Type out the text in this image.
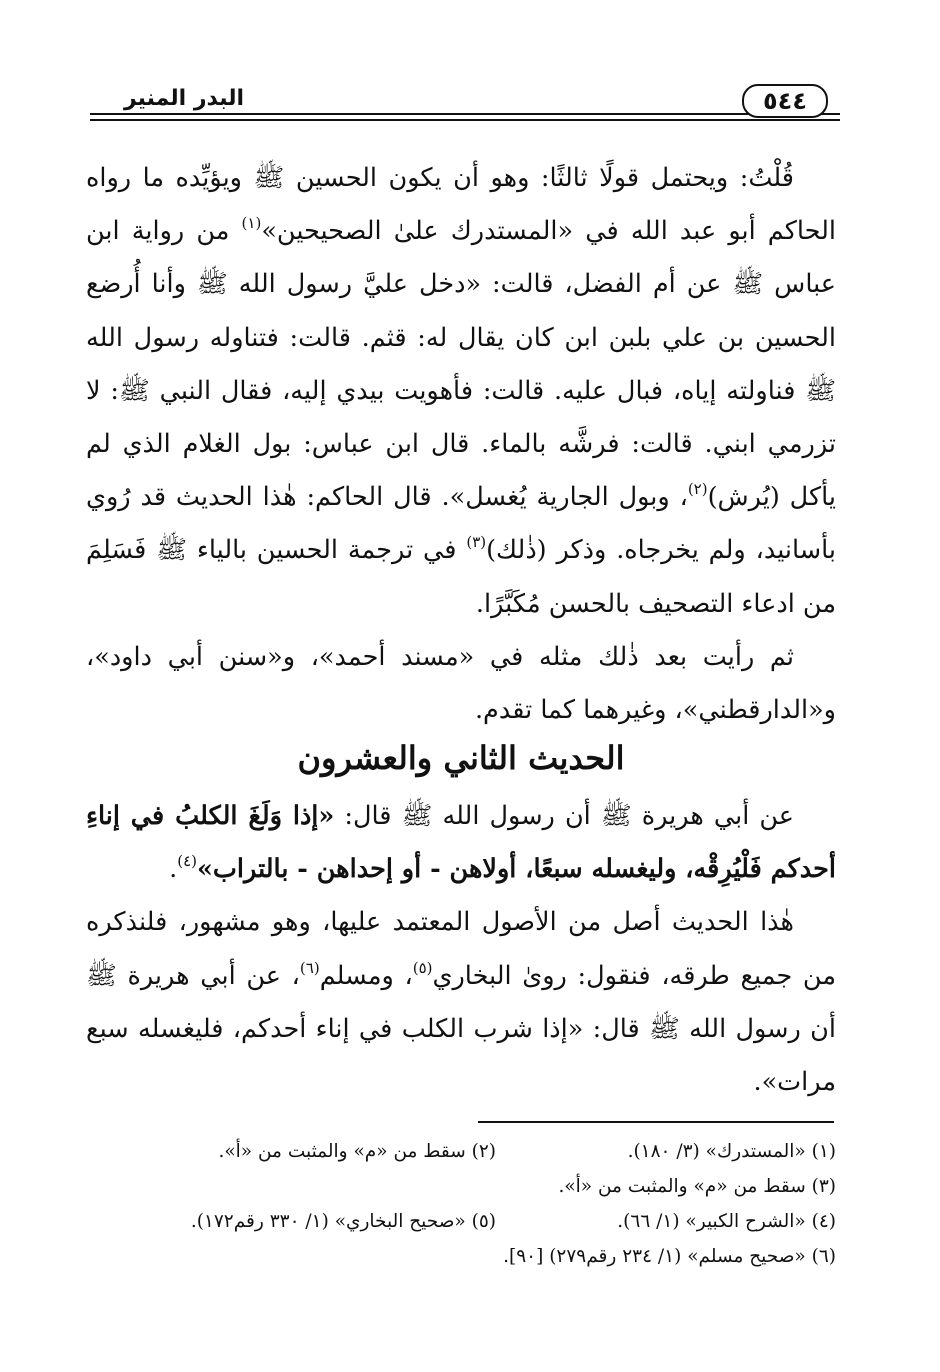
٥٤٤
البدر المنير

قُلْتُ: ويحتمل قولًا ثالثًا: وهو أن يكون الحسين ﷺ ويؤيِّده ما رواه الحاكم أبو عبد الله في «المستدرك علىٰ الصحيحين»$^{(١)}$ من رواية ابن عباس ﷺ عن أم الفضل، قالت: «دخل عليَّ رسول الله ﷺ وأنا أُرضع الحسين بن علي بلبن ابن كان يقال له: قثم. قالت: فتناوله رسول الله ﷺ فناولته إياه، فبال عليه. قالت: فأهويت بيدي إليه، فقال النبي ﷺ: لا تزرمي ابني. قالت: فرشَّه بالماء. قال ابن عباس: بول الغلام الذي لم يأكل (يُرش)$^{(٢)}$، وبول الجارية يُغسل». قال الحاكم: هٰذا الحديث قد رُوي بأسانيد، ولم يخرجاه. وذكر (ذٰلك)$^{(٣)}$ في ترجمة الحسين بالياء ﷺ فَسَلِمَ من ادعاء التصحيف بالحسن مُكَبَّرًا.

ثم رأيت بعد ذٰلك مثله في «مسند أحمد»، و«سنن أبي داود»، و«الدارقطني»، وغيرهما كما تقدم.

الحديث الثاني والعشرون

عن أبي هريرة ﷺ أن رسول الله ﷺ قال: «إذا وَلَغَ الكلبُ في إناءِ أحدكم فَلْيُرِقْه، وليغسله سبعًا، أولاهن - أو إحداهن - بالتراب»$^{(٤)}$.

هٰذا الحديث أصل من الأصول المعتمد عليها، وهو مشهور، فلنذكره من جميع طرقه، فنقول: روىٰ البخاري$^{(٥)}$، ومسلم$^{(٦)}$، عن أبي هريرة ﷺ أن رسول الله ﷺ قال: «إذا شرب الكلب في إناء أحدكم، فليغسله سبع مرات».

(١) «المستدرك» (٣/ ١٨٠).
(٢) سقط من «م» والمثبت من «أ».
(٣) سقط من «م» والمثبت من «أ».
(٤) «الشرح الكبير» (١/ ٦٦).
(٥) «صحيح البخاري» (١/ ٣٣٠ رقم١٧٢).
(٦) «صحيح مسلم» (١/ ٢٣٤ رقم٢٧٩) [٩٠].
